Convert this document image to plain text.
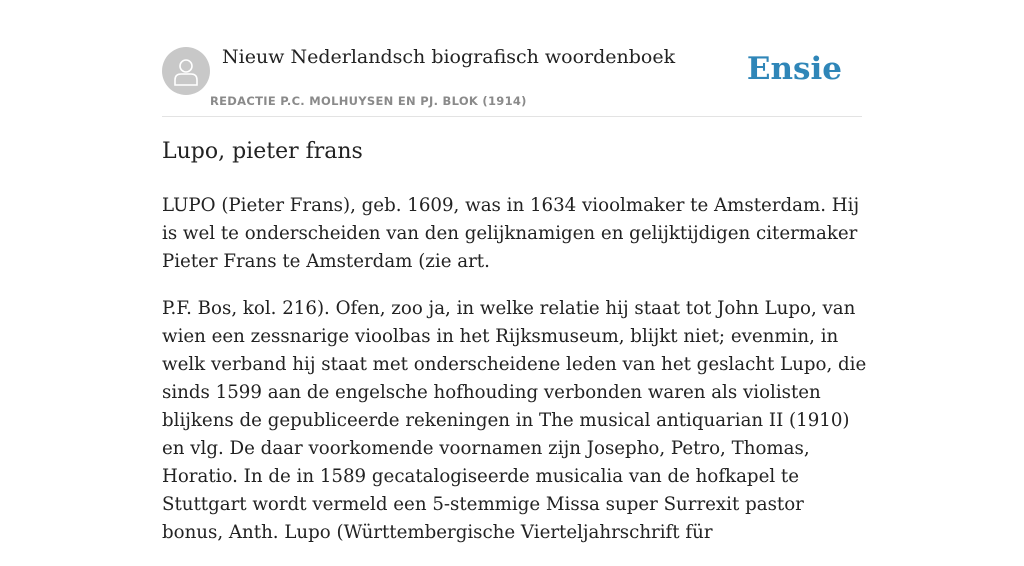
Nieuw Nederlandsch biografisch woordenboek
REDACTIE P.C. MOLHUYSEN EN PJ. BLOK (1914)
Ensie
Lupo, pieter frans

LUPO (Pieter Frans), geb. 1609, was in 1634 vioolmaker te Amsterdam. Hij is wel te onderscheiden van den gelijknamigen en gelijktijdigen citermaker Pieter Frans te Amsterdam (zie art.

P.F. Bos, kol. 216). Ofen, zoo ja, in welke relatie hij staat tot John Lupo, van wien een zessnarige vioolbas in het Rijksmuseum, blijkt niet; evenmin, in welk verband hij staat met onderscheidene leden van het geslacht Lupo, die sinds 1599 aan de engelsche hofhouding verbonden waren als violisten blijkens de gepubliceerde rekeningen in The musical antiquarian II (1910) en vlg. De daar voorkomende voornamen zijn Josepho, Petro, Thomas, Horatio. In de in 1589 gecatalogiseerde musicalia van de hofkapel te Stuttgart wordt vermeld een 5-stemmige Missa super Surrexit pastor bonus, Anth. Lupo (Württembergische Vierteljahrschrift für
